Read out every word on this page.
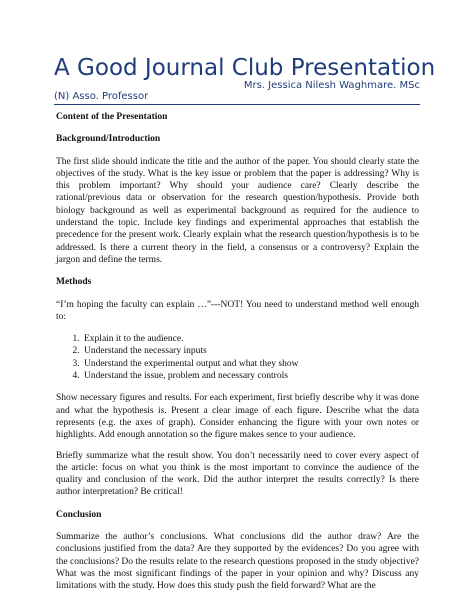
A Good Journal Club Presentation
Mrs. Jessica Nilesh Waghmare. MSc
(N) Asso. Professor
Content of the Presentation
Background/Introduction

The first slide should indicate the title and the author of the paper. You should clearly state the objectives of the study. What is the key issue or problem that the paper is addressing? Why is this problem important? Why should your audience care? Clearly describe the rational/previous data or observation for the research question/hypothesis. Provide both biology background as well as experimental background as required for the audience to understand the topic. Include key findings and experimental approaches that establish the precedence for the present work. Clearly explain what the research question/hypothesis is to be addressed. Is there a current theory in the field, a consensus or a controversy? Explain the jargon and define the terms.

Methods

“I’m hoping the faculty can explain …”---NOT! You need to understand method well enough to:

1. Explain it to the audience.
2. Understand the necessary inputs
3. Understand the experimental output and what they show
4. Understand the issue, problem and necessary controls

Show necessary figures and results. For each experiment, first briefly describe why it was done and what the hypothesis is. Present a clear image of each figure. Describe what the data represents (e.g. the axes of graph). Consider enhancing the figure with your own notes or highlights. Add enough annotation so the figure makes sence to your audience.

Briefly summarize what the result show. You don’t necessarily need to cover every aspect of the article: focus on what you think is the most important to convince the audience of the quality and conclusion of the work. Did the author interpret the results correctly? Is there author interpretation? Be critical!

Conclusion

Summarize the author’s conclusions. What conclusions did the author draw? Are the conclusions justified from the data? Are they supported by the evidences? Do you agree with the conclusions? Do the results relate to the research questions proposed in the study objective? What was the most significant findings of the paper in your opinion and why? Discuss any limitations with the study. How does this study push the field forward? What are the
